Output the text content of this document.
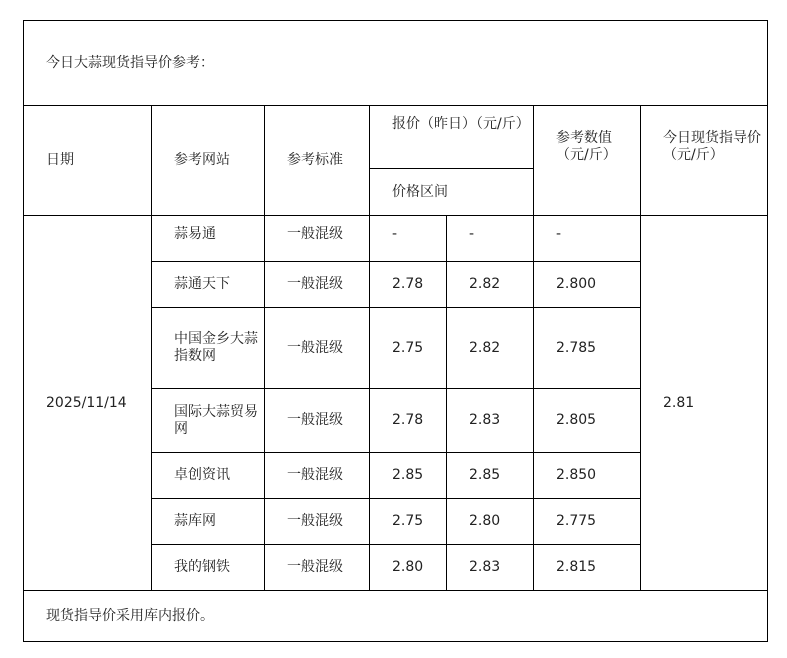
今日大蒜现货指导价参考：						
日期	参考网站	参考标准	报价（昨日）（元/斤）		参考数值（元/斤）	今日现货指导价（元/斤）
			价格区间			
2025/11/14	蒜易通	一般混级	-	-	-	2.81
	蒜通天下	一般混级	2.78	2.82	2.800	
	中国金乡大蒜指数网	一般混级	2.75	2.82	2.785	
	国际大蒜贸易网	一般混级	2.78	2.83	2.805	
	卓创资讯	一般混级	2.85	2.85	2.850	
	蒜库网	一般混级	2.75	2.80	2.775	
	我的钢铁	一般混级	2.80	2.83	2.815	
现货指导价采用库内报价。						
